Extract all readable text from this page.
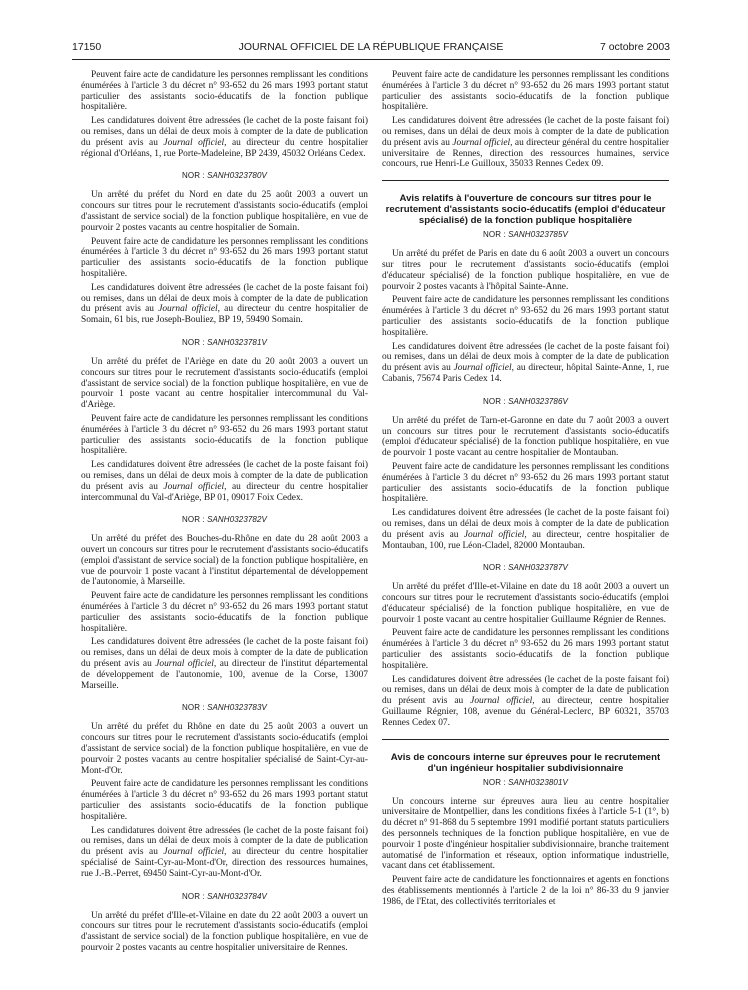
17150	JOURNAL OFFICIEL DE LA RÉPUBLIQUE FRANÇAISE	7 octobre 2003

Peuvent faire acte de candidature les personnes remplissant les conditions énumérées à l'article 3 du décret n° 93-652 du 26 mars 1993 portant statut particulier des assistants socio-éducatifs de la fonction publique hospitalière.

Les candidatures doivent être adressées (le cachet de la poste faisant foi) ou remises, dans un délai de deux mois à compter de la date de publication du présent avis au Journal officiel, au directeur du centre hospitalier régional d'Orléans, 1, rue Porte-Madeleine, BP 2439, 45032 Orléans Cedex.

NOR : SANH0323780V

Un arrêté du préfet du Nord en date du 25 août 2003 a ouvert un concours sur titres pour le recrutement d'assistants socio-éducatifs (emploi d'assistant de service social) de la fonction publique hospitalière, en vue de pourvoir 2 postes vacants au centre hospitalier de Somain.

Peuvent faire acte de candidature les personnes remplissant les conditions énumérées à l'article 3 du décret n° 93-652 du 26 mars 1993 portant statut particulier des assistants socio-éducatifs de la fonction publique hospitalière.

Les candidatures doivent être adressées (le cachet de la poste faisant foi) ou remises, dans un délai de deux mois à compter de la date de publication du présent avis au Journal officiel, au directeur du centre hospitalier de Somain, 61 bis, rue Joseph-Bouliez, BP 19, 59490 Somain.

NOR : SANH0323781V

Un arrêté du préfet de l'Ariège en date du 20 août 2003 a ouvert un concours sur titres pour le recrutement d'assistants socio-éducatifs (emploi d'assistant de service social) de la fonction publique hospitalière, en vue de pourvoir 1 poste vacant au centre hospitalier intercommunal du Val-d'Ariège.

Peuvent faire acte de candidature les personnes remplissant les conditions énumérées à l'article 3 du décret n° 93-652 du 26 mars 1993 portant statut particulier des assistants socio-éducatifs de la fonction publique hospitalière.

Les candidatures doivent être adressées (le cachet de la poste faisant foi) ou remises, dans un délai de deux mois à compter de la date de publication du présent avis au Journal officiel, au directeur du centre hospitalier intercommunal du Val-d'Ariège, BP 01, 09017 Foix Cedex.

NOR : SANH0323782V

Un arrêté du préfet des Bouches-du-Rhône en date du 28 août 2003 a ouvert un concours sur titres pour le recrutement d'assistants socio-éducatifs (emploi d'assistant de service social) de la fonction publique hospitalière, en vue de pourvoir 1 poste vacant à l'institut départemental de développement de l'autonomie, à Marseille.

Peuvent faire acte de candidature les personnes remplissant les conditions énumérées à l'article 3 du décret n° 93-652 du 26 mars 1993 portant statut particulier des assistants socio-éducatifs de la fonction publique hospitalière.

Les candidatures doivent être adressées (le cachet de la poste faisant foi) ou remises, dans un délai de deux mois à compter de la date de publication du présent avis au Journal officiel, au directeur de l'institut départemental de développement de l'autonomie, 100, avenue de la Corse, 13007 Marseille.

NOR : SANH0323783V

Un arrêté du préfet du Rhône en date du 25 août 2003 a ouvert un concours sur titres pour le recrutement d'assistants socio-éducatifs (emploi d'assistant de service social) de la fonction publique hospitalière, en vue de pourvoir 2 postes vacants au centre hospitalier spécialisé de Saint-Cyr-au-Mont-d'Or.

Peuvent faire acte de candidature les personnes remplissant les conditions énumérées à l'article 3 du décret n° 93-652 du 26 mars 1993 portant statut particulier des assistants socio-éducatifs de la fonction publique hospitalière.

Les candidatures doivent être adressées (le cachet de la poste faisant foi) ou remises, dans un délai de deux mois à compter de la date de publication du présent avis au Journal officiel, au directeur du centre hospitalier spécialisé de Saint-Cyr-au-Mont-d'Or, direction des ressources humaines, rue J.-B.-Perret, 69450 Saint-Cyr-au-Mont-d'Or.

NOR : SANH0323784V

Un arrêté du préfet d'Ille-et-Vilaine en date du 22 août 2003 a ouvert un concours sur titres pour le recrutement d'assistants socio-éducatifs (emploi d'assistant de service social) de la fonction publique hospitalière, en vue de pourvoir 2 postes vacants au centre hospitalier universitaire de Rennes.

Peuvent faire acte de candidature les personnes remplissant les conditions énumérées à l'article 3 du décret n° 93-652 du 26 mars 1993 portant statut particulier des assistants socio-éducatifs de la fonction publique hospitalière.

Les candidatures doivent être adressées (le cachet de la poste faisant foi) ou remises, dans un délai de deux mois à compter de la date de publication du présent avis au Journal officiel, au directeur général du centre hospitalier universitaire de Rennes, direction des ressources humaines, service concours, rue Henri-Le Guilloux, 35033 Rennes Cedex 09.

Avis relatifs à l'ouverture de concours sur titres pour le recrutement d'assistants socio-éducatifs (emploi d'éducateur spécialisé) de la fonction publique hospitalière
NOR : SANH0323785V

Un arrêté du préfet de Paris en date du 6 août 2003 a ouvert un concours sur titres pour le recrutement d'assistants socio-éducatifs (emploi d'éducateur spécialisé) de la fonction publique hospitalière, en vue de pourvoir 2 postes vacants à l'hôpital Sainte-Anne.

Peuvent faire acte de candidature les personnes remplissant les conditions énumérées à l'article 3 du décret n° 93-652 du 26 mars 1993 portant statut particulier des assistants socio-éducatifs de la fonction publique hospitalière.

Les candidatures doivent être adressées (le cachet de la poste faisant foi) ou remises, dans un délai de deux mois à compter de la date de publication du présent avis au Journal officiel, au directeur, hôpital Sainte-Anne, 1, rue Cabanis, 75674 Paris Cedex 14.

NOR : SANH0323786V

Un arrêté du préfet de Tarn-et-Garonne en date du 7 août 2003 a ouvert un concours sur titres pour le recrutement d'assistants socio-éducatifs (emploi d'éducateur spécialisé) de la fonction publique hospitalière, en vue de pourvoir 1 poste vacant au centre hospitalier de Montauban.

Peuvent faire acte de candidature les personnes remplissant les conditions énumérées à l'article 3 du décret n° 93-652 du 26 mars 1993 portant statut particulier des assistants socio-éducatifs de la fonction publique hospitalière.

Les candidatures doivent être adressées (le cachet de la poste faisant foi) ou remises, dans un délai de deux mois à compter de la date de publication du présent avis au Journal officiel, au directeur, centre hospitalier de Montauban, 100, rue Léon-Cladel, 82000 Montauban.

NOR : SANH0323787V

Un arrêté du préfet d'Ille-et-Vilaine en date du 18 août 2003 a ouvert un concours sur titres pour le recrutement d'assistants socio-éducatifs (emploi d'éducateur spécialisé) de la fonction publique hospitalière, en vue de pourvoir 1 poste vacant au centre hospitalier Guillaume Régnier de Rennes.

Peuvent faire acte de candidature les personnes remplissant les conditions énumérées à l'article 3 du décret n° 93-652 du 26 mars 1993 portant statut particulier des assistants socio-éducatifs de la fonction publique hospitalière.

Les candidatures doivent être adressées (le cachet de la poste faisant foi) ou remises, dans un délai de deux mois à compter de la date de publication du présent avis au Journal officiel, au directeur, centre hospitalier Guillaume Régnier, 108, avenue du Général-Leclerc, BP 60321, 35703 Rennes Cedex 07.

Avis de concours interne sur épreuves pour le recrutement d'un ingénieur hospitalier subdivisionnaire
NOR : SANH0323801V

Un concours interne sur épreuves aura lieu au centre hospitalier universitaire de Montpellier, dans les conditions fixées à l'article 5-1 (1°, b) du décret n° 91-868 du 5 septembre 1991 modifié portant statuts particuliers des personnels techniques de la fonction publique hospitalière, en vue de pourvoir 1 poste d'ingénieur hospitalier subdivisionnaire, branche traitement automatisé de l'information et réseaux, option informatique industrielle, vacant dans cet établissement.

Peuvent faire acte de candidature les fonctionnaires et agents en fonctions des établissements mentionnés à l'article 2 de la loi n° 86-33 du 9 janvier 1986, de l'Etat, des collectivités territoriales et
